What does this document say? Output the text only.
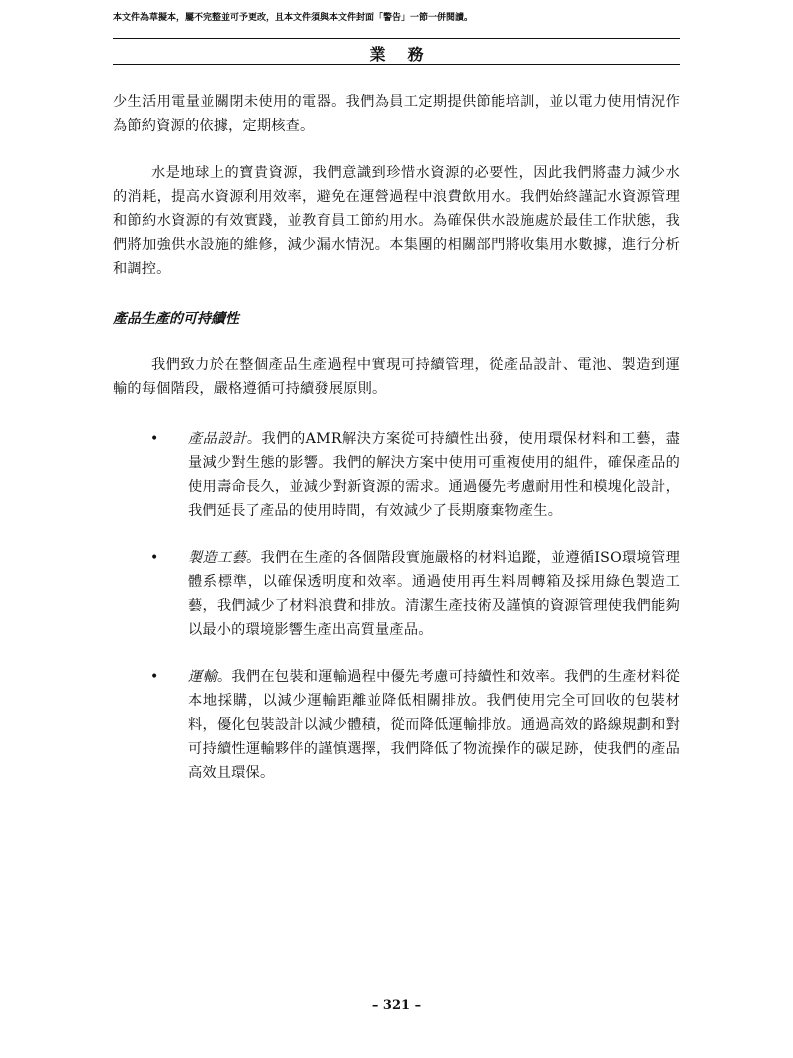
本文件為草擬本，屬不完整並可予更改，且本文件須與本文件封面「警告」一節一併閱讀。
業務

少生活用電量並關閉未使用的電器。我們為員工定期提供節能培訓，並以電力使用情況作為節約資源的依據，定期核查。

水是地球上的寶貴資源，我們意識到珍惜水資源的必要性，因此我們將盡力減少水的消耗，提高水資源利用效率，避免在運營過程中浪費飲用水。我們始終謹記水資源管理和節約水資源的有效實踐，並教育員工節約用水。為確保供水設施處於最佳工作狀態，我們將加強供水設施的維修，減少漏水情況。本集團的相關部門將收集用水數據，進行分析和調控。

產品生產的可持續性

我們致力於在整個產品生產過程中實現可持續管理，從產品設計、電池、製造到運輸的每個階段，嚴格遵循可持續發展原則。

• 產品設計。我們的AMR解決方案從可持續性出發，使用環保材料和工藝，盡量減少對生態的影響。我們的解決方案中使用可重複使用的組件，確保產品的使用壽命長久，並減少對新資源的需求。通過優先考慮耐用性和模塊化設計，我們延長了產品的使用時間，有效減少了長期廢棄物產生。

• 製造工藝。我們在生產的各個階段實施嚴格的材料追蹤，並遵循ISO環境管理體系標準，以確保透明度和效率。通過使用再生料周轉箱及採用綠色製造工藝，我們減少了材料浪費和排放。清潔生產技術及謹慎的資源管理使我們能夠以最小的環境影響生產出高質量產品。

• 運輸。我們在包裝和運輸過程中優先考慮可持續性和效率。我們的生產材料從本地採購，以減少運輸距離並降低相關排放。我們使用完全可回收的包裝材料，優化包裝設計以減少體積，從而降低運輸排放。通過高效的路線規劃和對可持續性運輸夥伴的謹慎選擇，我們降低了物流操作的碳足跡，使我們的產品高效且環保。

– 321 –
